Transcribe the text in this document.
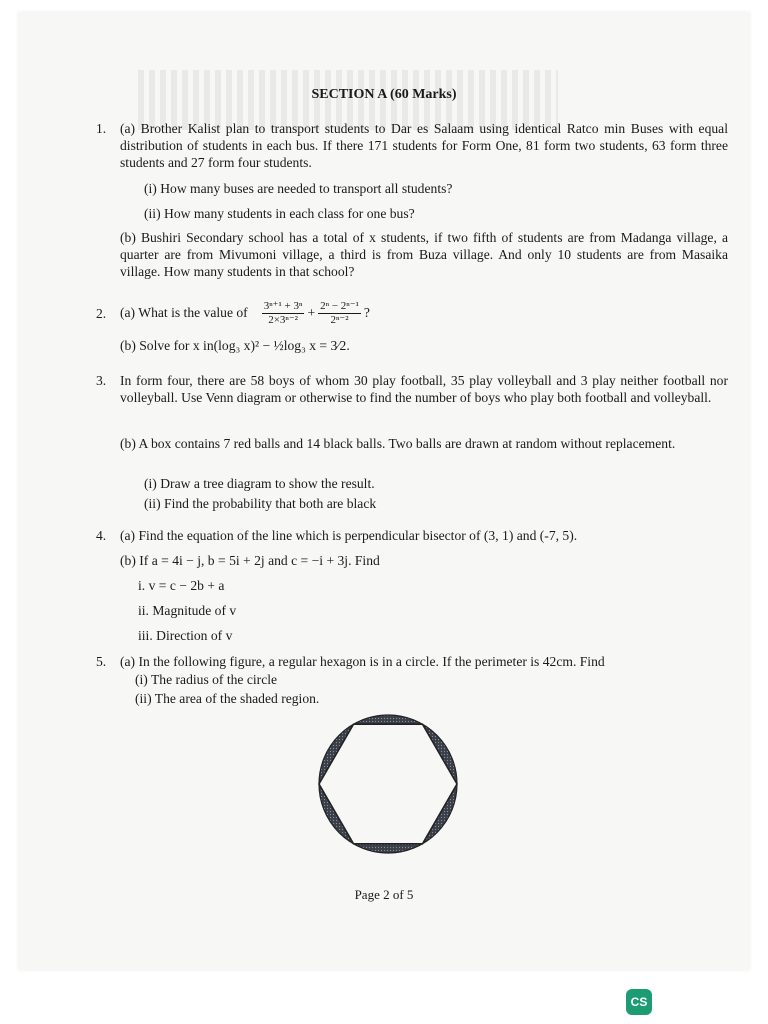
SECTION A (60 Marks)
1. (a) Brother Kalist plan to transport students to Dar es Salaam using identical Ratco min Buses with equal distribution of students in each bus. If there 171 students for Form One, 81 form two students, 63 form three students and 27 form four students.
(i) How many buses are needed to transport all students?
(ii) How many students in each class for one bus?
(b) Bushiri Secondary school has a total of x students, if two fifth of students are from Madanga village, a quarter are from Mivumoni village, a third is from Buza village. And only 10 students are from Masaika village. How many students in that school?
2. (a) What is the value of $\frac{\text{3ⁿ⁺¹ + 3ⁿ}}{\text{2×3ⁿ⁻²}} + \frac{\text{2ⁿ − 2ⁿ⁻¹}}{\text{2ⁿ⁻²}}$ ?
(b) Solve for x in(log₃ x)² − ½log₃ x = 3⁄2.
3. In form four, there are 58 boys of whom 30 play football, 35 play volleyball and 3 play neither football nor volleyball. Use Venn diagram or otherwise to find the number of boys who play both football and volleyball.
(b) A box contains 7 red balls and 14 black balls. Two balls are drawn at random without replacement.
(i) Draw a tree diagram to show the result.
(ii) Find the probability that both are black
4. (a) Find the equation of the line which is perpendicular bisector of (3, 1) and (-7, 5).
(b) If a = 4i − j, b = 5i + 2j and c = −i + 3j. Find
i. v = c − 2b + a
ii. Magnitude of v
iii. Direction of v
5. (a) In the following figure, a regular hexagon is in a circle. If the perimeter is 42cm. Find
(i) The radius of the circle
(ii) The area of the shaded region.
Page 2 of 5
CS
